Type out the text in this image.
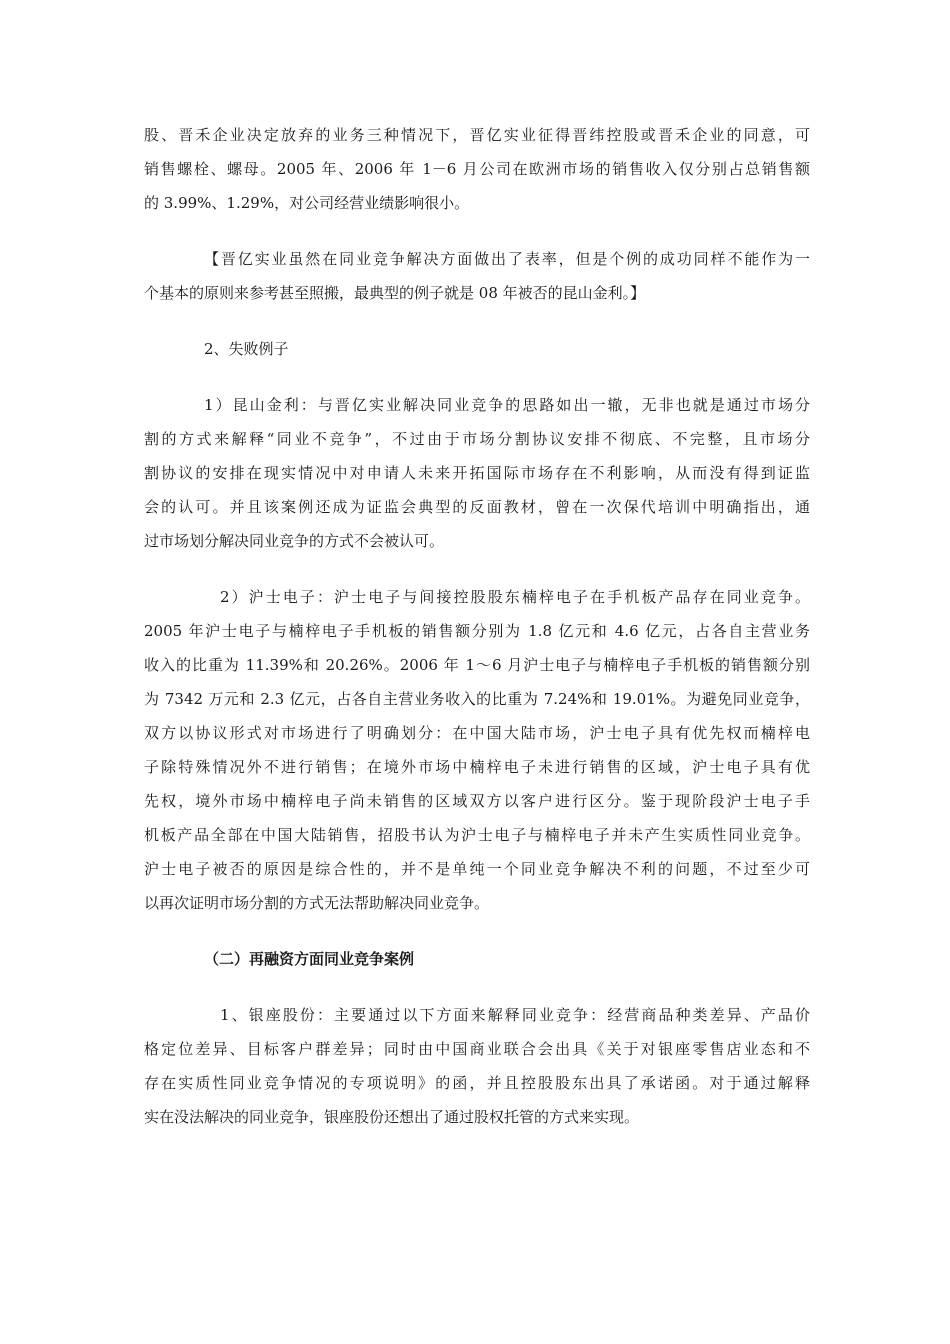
股、晋禾企业决定放弃的业务三种情况下，晋亿实业征得晋纬控股或晋禾企业的同意，可
销售螺栓、螺母。2005 年、2006 年 1－6 月公司在欧洲市场的销售收入仅分别占总销售额
的 3.99%、1.29%，对公司经营业绩影响很小。
【晋亿实业虽然在同业竞争解决方面做出了表率，但是个例的成功同样不能作为一
个基本的原则来参考甚至照搬，最典型的例子就是 08 年被否的昆山金利。】
2、失败例子
1）昆山金利：与晋亿实业解决同业竞争的思路如出一辙，无非也就是通过市场分
割的方式来解释“同业不竞争”，不过由于市场分割协议安排不彻底、不完整，且市场分
割协议的安排在现实情况中对申请人未来开拓国际市场存在不利影响，从而没有得到证监
会的认可。并且该案例还成为证监会典型的反面教材，曾在一次保代培训中明确指出，通
过市场划分解决同业竞争的方式不会被认可。
2）沪士电子：沪士电子与间接控股股东楠梓电子在手机板产品存在同业竞争。
2005 年沪士电子与楠梓电子手机板的销售额分别为 1.8 亿元和 4.6 亿元，占各自主营业务
收入的比重为 11.39%和 20.26%。2006 年 1～6 月沪士电子与楠梓电子手机板的销售额分别
为 7342 万元和 2.3 亿元，占各自主营业务收入的比重为 7.24%和 19.01%。为避免同业竞争，
双方以协议形式对市场进行了明确划分：在中国大陆市场，沪士电子具有优先权而楠梓电
子除特殊情况外不进行销售；在境外市场中楠梓电子未进行销售的区域，沪士电子具有优
先权，境外市场中楠梓电子尚未销售的区域双方以客户进行区分。鉴于现阶段沪士电子手
机板产品全部在中国大陆销售，招股书认为沪士电子与楠梓电子并未产生实质性同业竞争。
沪士电子被否的原因是综合性的，并不是单纯一个同业竞争解决不利的问题，不过至少可
以再次证明市场分割的方式无法帮助解决同业竞争。
（二）再融资方面同业竞争案例
1、银座股份：主要通过以下方面来解释同业竞争：经营商品种类差异、产品价
格定位差异、目标客户群差异；同时由中国商业联合会出具《关于对银座零售店业态和不
存在实质性同业竞争情况的专项说明》的函，并且控股股东出具了承诺函。对于通过解释
实在没法解决的同业竞争，银座股份还想出了通过股权托管的方式来实现。
